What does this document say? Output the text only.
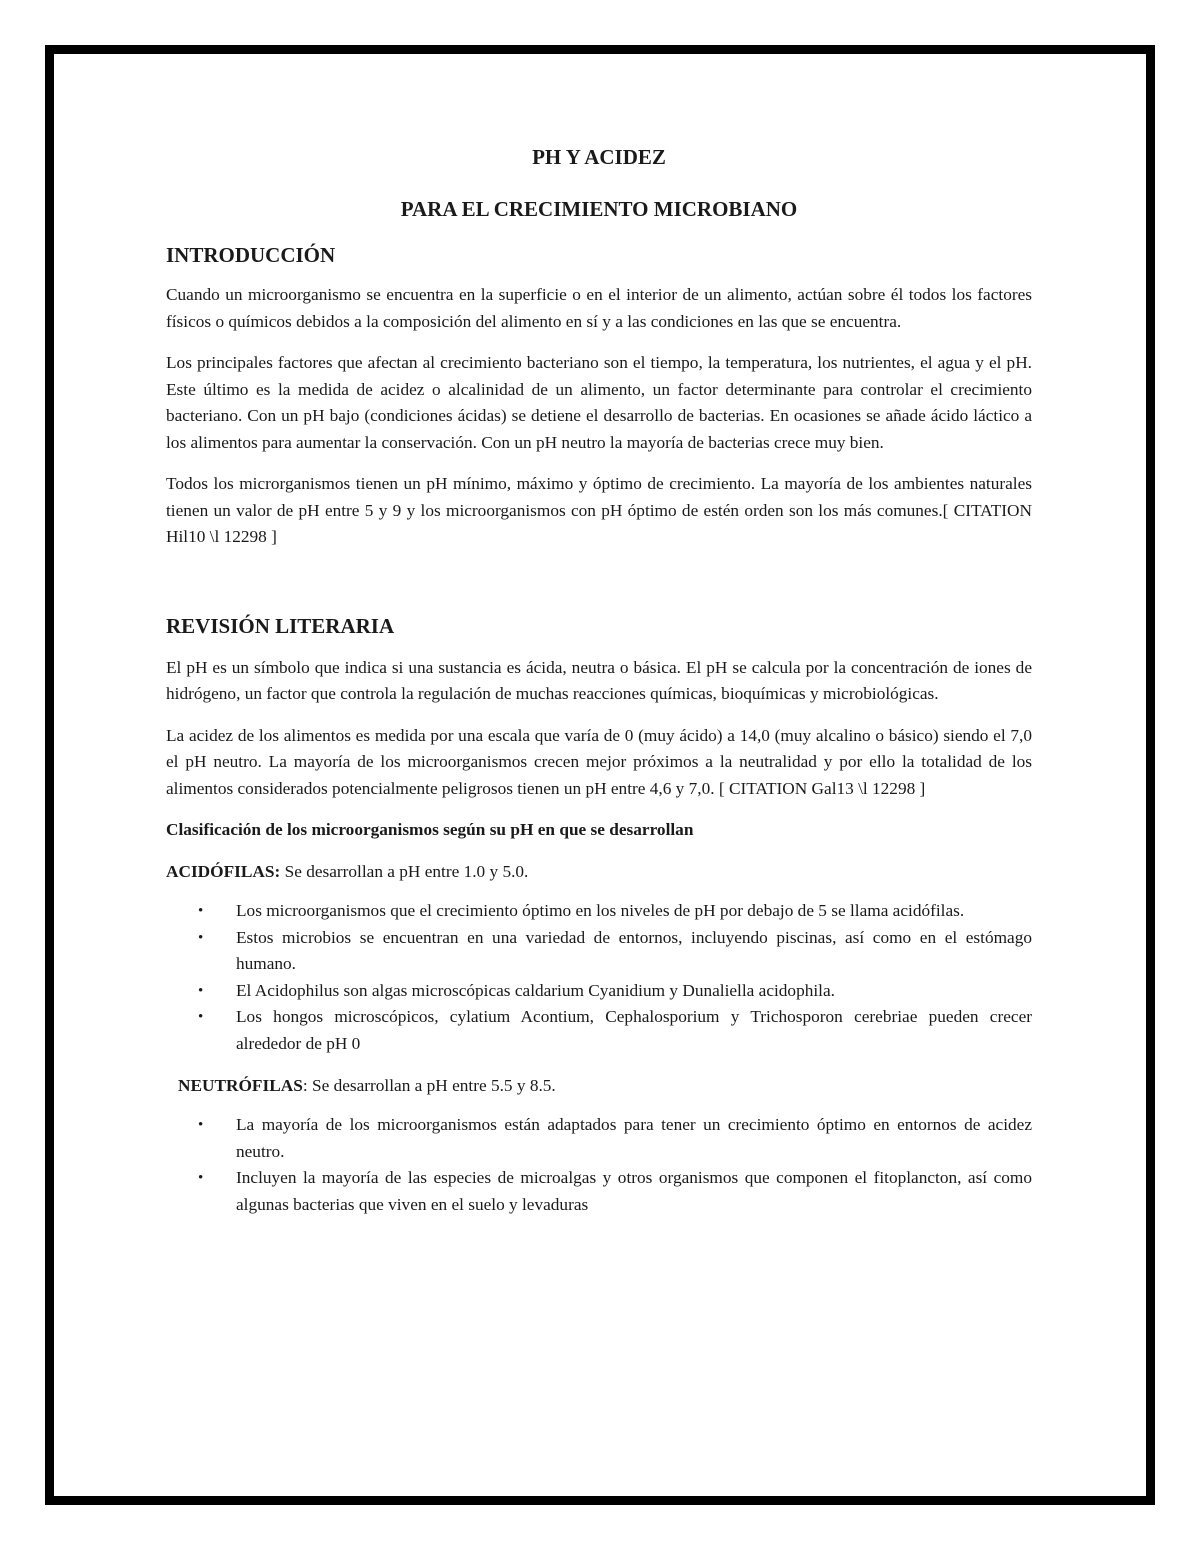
PH Y ACIDEZ
PARA EL CRECIMIENTO MICROBIANO
INTRODUCCIÓN

Cuando un microorganismo se encuentra en la superficie o en el interior de un alimento, actúan sobre él todos los factores físicos o químicos debidos a la composición del alimento en sí y a las condiciones en las que se encuentra.

Los principales factores que afectan al crecimiento bacteriano son el tiempo, la temperatura, los nutrientes, el agua y el pH. Este último es la medida de acidez o alcalinidad de un alimento, un factor determinante para controlar el crecimiento bacteriano. Con un pH bajo (condiciones ácidas) se detiene el desarrollo de bacterias. En ocasiones se añade ácido láctico a los alimentos para aumentar la conservación. Con un pH neutro la mayoría de bacterias crece muy bien.

Todos los microrganismos tienen un pH mínimo, máximo y óptimo de crecimiento. La mayoría de los ambientes naturales tienen un valor de pH entre 5 y 9 y los microorganismos con pH óptimo de estén orden son los más comunes.[ CITATION Hil10 \l 12298 ]

REVISIÓN LITERARIA

El pH es un símbolo que indica si una sustancia es ácida, neutra o básica. El pH se calcula por la concentración de iones de hidrógeno, un factor que controla la regulación de muchas reacciones químicas, bioquímicas y microbiológicas.

La acidez de los alimentos es medida por una escala que varía de 0 (muy ácido) a 14,0 (muy alcalino o básico) siendo el 7,0 el pH neutro. La mayoría de los microorganismos crecen mejor próximos a la neutralidad y por ello la totalidad de los alimentos considerados potencialmente peligrosos tienen un pH entre 4,6 y 7,0. [ CITATION Gal13 \l 12298 ]

Clasificación de los microorganismos según su pH en que se desarrollan

ACIDÓFILAS: Se desarrollan a pH entre 1.0 y 5.0.

• Los microorganismos que el crecimiento óptimo en los niveles de pH por debajo de 5 se llama acidófilas.
• Estos microbios se encuentran en una variedad de entornos, incluyendo piscinas, así como en el estómago humano.
• El Acidophilus son algas microscópicas caldarium Cyanidium y Dunaliella acidophila.
• Los hongos microscópicos, cylatium Acontium, Cephalosporium y Trichosporon cerebriae pueden crecer alrededor de pH 0

NEUTRÓFILAS: Se desarrollan a pH entre 5.5 y 8.5.

• La mayoría de los microorganismos están adaptados para tener un crecimiento óptimo en entornos de acidez neutro.
• Incluyen la mayoría de las especies de microalgas y otros organismos que componen el fitoplancton, así como algunas bacterias que viven en el suelo y levaduras
